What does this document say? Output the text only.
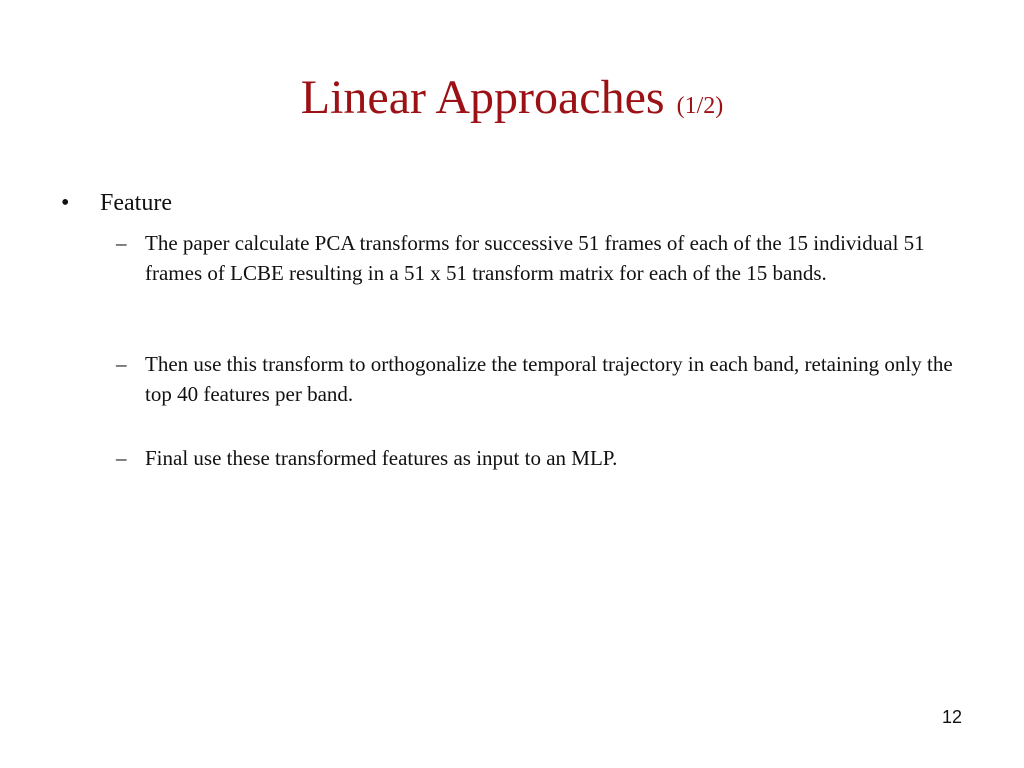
Linear Approaches (1/2)
• Feature
– The paper calculate PCA transforms for successive 51 frames of each of the 15 individual 51 frames of LCBE resulting in a 51 x 51 transform matrix for each of the 15 bands.
– Then use this transform to orthogonalize the temporal trajectory in each band, retaining only the top 40 features per band.
– Final use these transformed features as input to an MLP.
12
